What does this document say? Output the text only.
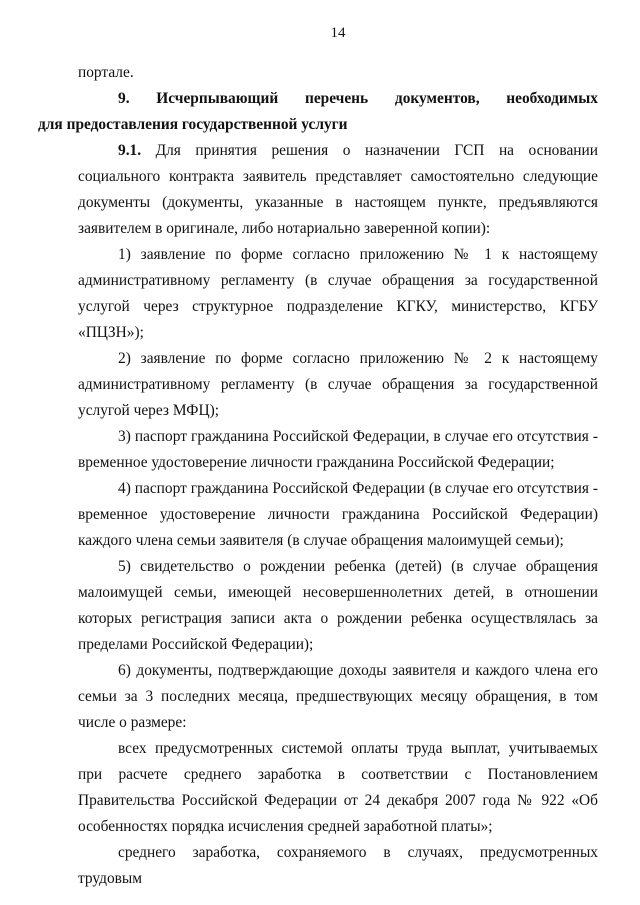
14

портале.

9. Исчерпывающий перечень документов, необходимых
для предоставления государственной услуги

9.1. Для принятия решения о назначении ГСП на основании социального контракта заявитель представляет самостоятельно следующие документы (документы, указанные в настоящем пункте, предъявляются заявителем в оригинале, либо нотариально заверенной копии):

1) заявление по форме согласно приложению № 1 к настоящему административному регламенту (в случае обращения за государственной услугой через структурное подразделение КГКУ, министерство, КГБУ «ПЦЗН»);

2) заявление по форме согласно приложению № 2 к настоящему административному регламенту (в случае обращения за государственной услугой через МФЦ);

3) паспорт гражданина Российской Федерации, в случае его отсутствия - временное удостоверение личности гражданина Российской Федерации;

4) паспорт гражданина Российской Федерации (в случае его отсутствия - временное удостоверение личности гражданина Российской Федерации) каждого члена семьи заявителя (в случае обращения малоимущей семьи);

5) свидетельство о рождении ребенка (детей) (в случае обращения малоимущей семьи, имеющей несовершеннолетних детей, в отношении которых регистрация записи акта о рождении ребенка осуществлялась за пределами Российской Федерации);

6) документы, подтверждающие доходы заявителя и каждого члена его семьи за 3 последних месяца, предшествующих месяцу обращения, в том числе о размере:

всех предусмотренных системой оплаты труда выплат, учитываемых при расчете среднего заработка в соответствии с Постановлением Правительства Российской Федерации от 24 декабря 2007 года № 922 «Об особенностях порядка исчисления средней заработной платы»;

среднего заработка, сохраняемого в случаях, предусмотренных трудовым
